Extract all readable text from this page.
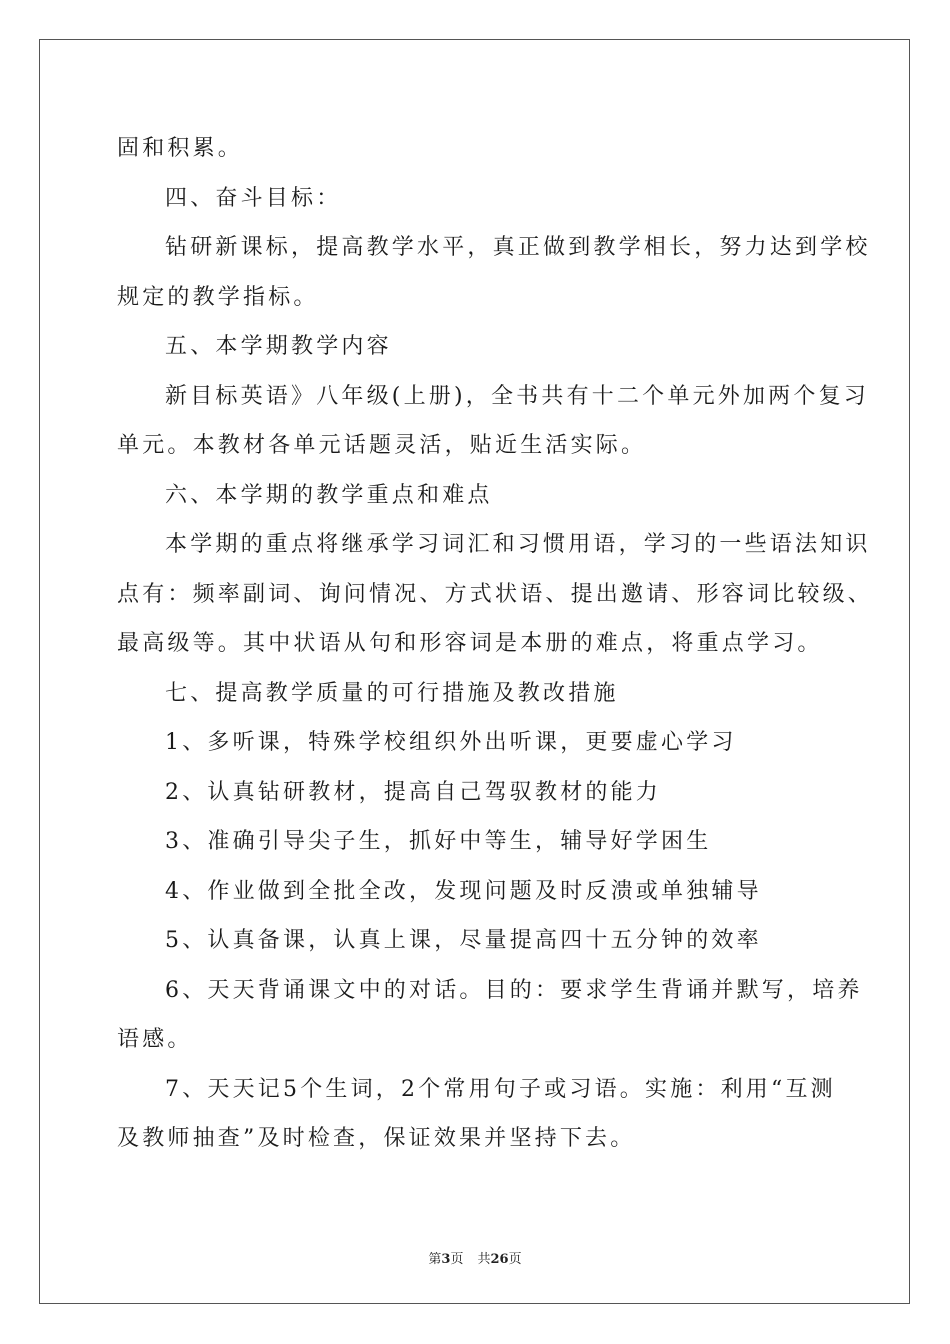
固和积累。

四、奋斗目标：

钻研新课标，提高教学水平，真正做到教学相长，努力达到学校

规定的教学指标。

五、本学期教学内容

新目标英语》八年级(上册)，全书共有十二个单元外加两个复习

单元。本教材各单元话题灵活，贴近生活实际。

六、本学期的教学重点和难点

本学期的重点将继承学习词汇和习惯用语，学习的一些语法知识

点有：频率副词、询问情况、方式状语、提出邀请、形容词比较级、

最高级等。其中状语从句和形容词是本册的难点，将重点学习。

七、提高教学质量的可行措施及教改措施

1、多听课，特殊学校组织外出听课，更要虚心学习

2、认真钻研教材，提高自己驾驭教材的能力

3、准确引导尖子生，抓好中等生，辅导好学困生

4、作业做到全批全改，发现问题及时反溃或单独辅导

5、认真备课，认真上课，尽量提高四十五分钟的效率

6、天天背诵课文中的对话。目的：要求学生背诵并默写，培养

语感。

7、天天记5个生词，2个常用句子或习语。实施：利用“互测

及教师抽查”及时检查，保证效果并坚持下去。

第3页 共26页
